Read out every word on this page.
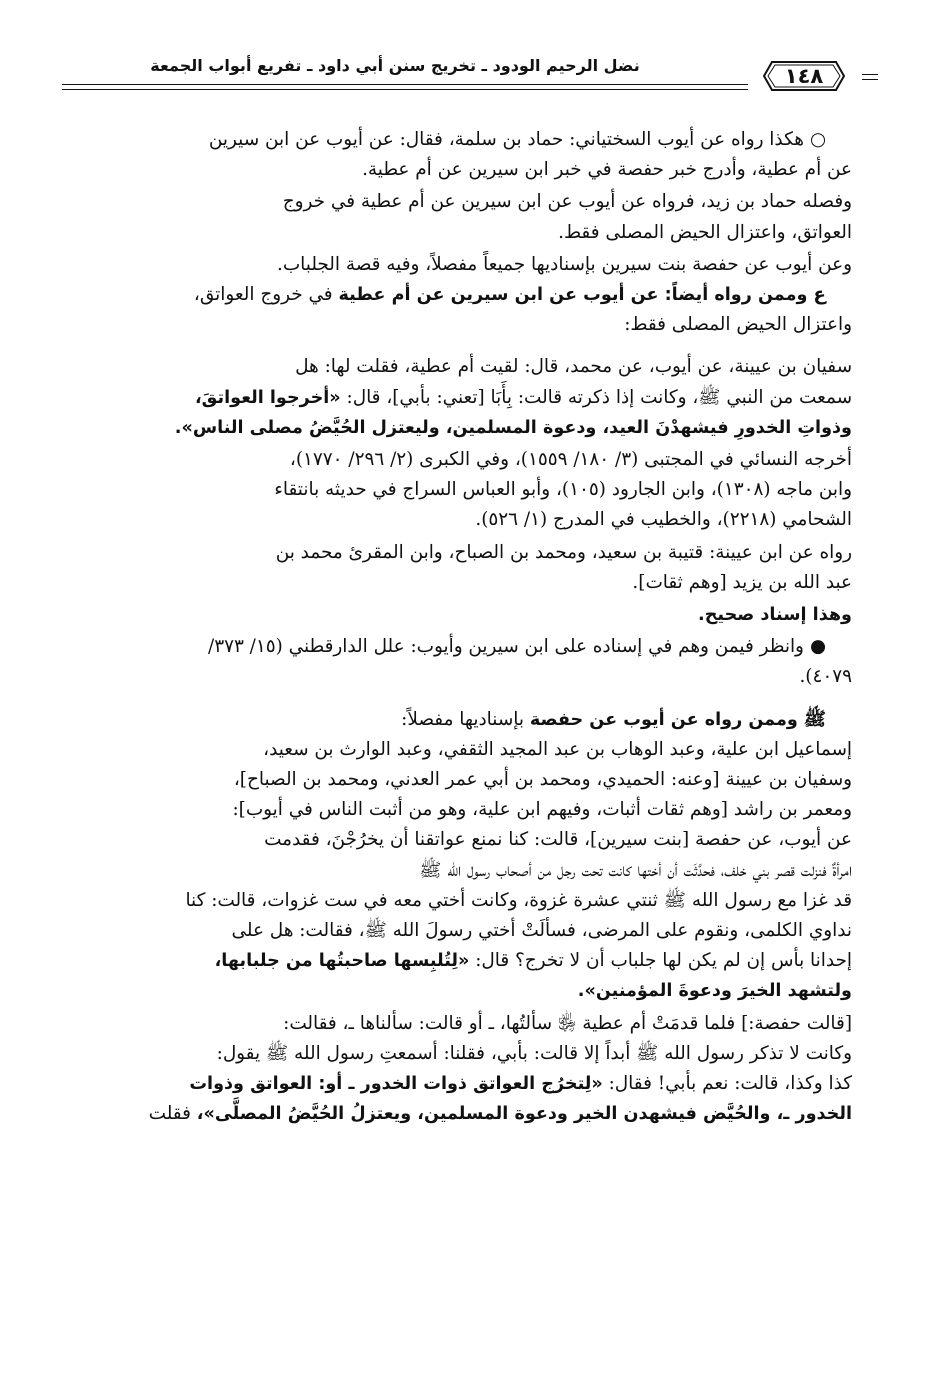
١٤٨
نضل الرحيم الودود ـ تخريج سنن أبي داود ـ تفريع أبواب الجمعة

○هكذا رواه عن أيوب السختياني: حماد بن سلمة، فقال: عن أيوب عن ابن سيرين
عن أم عطية، وأدرج خبر حفصة في خبر ابن سيرين عن أم عطية.

وفصله حماد بن زيد، فرواه عن أيوب عن ابن سيرين عن أم عطية في خروج
العواتق، واعتزال الحيض المصلى فقط.

وعن أيوب عن حفصة بنت سيرين بإسناديها جميعاً مفصلاً، وفيه قصة الجلباب.

عوممن رواه أيضاً: عن أيوب عن ابن سيرين عن أم عطية في خروج العواتق،
واعتزال الحيض المصلى فقط:

سفيان بن عيينة، عن أيوب، عن محمد، قال: لقيت أم عطية، فقلت لها: هل
سمعت من النبي ﷺ، وكانت إذا ذكرته قالت: بِأَبَا [تعني: بأبي]، قال: «أخرجوا العواتقَ،
وذواتِ الخدورِ فيشهدْنَ العيد، ودعوة المسلمين، وليعتزل الحُيَّضُ مصلى الناس».

أخرجه النسائي في المجتبى (٣/ ١٨٠/ ١٥٥٩)، وفي الكبرى (٢/ ٢٩٦/ ١٧٧٠)،
وابن ماجه (١٣٠٨)، وابن الجارود (١٠٥)، وأبو العباس السراج في حديثه بانتقاء
الشحامي (٢٢١٨)، والخطيب في المدرج (١/ ٥٢٦).

رواه عن ابن عيينة: قتيبة بن سعيد، ومحمد بن الصباح، وابن المقرئ محمد بن
عبد الله بن يزيد [وهم ثقات].

وهذا إسناد صحيح.

●وانظر فيمن وهم في إسناده على ابن سيرين وأيوب: علل الدارقطني (١٥/ ٣٧٣/
٤٠٧٩).

ﷺوممن رواه عن أيوب عن حفصة بإسناديها مفصلاً:

إسماعيل ابن علية، وعبد الوهاب بن عبد المجيد الثقفي، وعبد الوارث بن سعيد،
وسفيان بن عيينة [وعنه: الحميدي، ومحمد بن أبي عمر العدني، ومحمد بن الصباح]،
ومعمر بن راشد [وهم ثقات أثبات، وفيهم ابن علية، وهو من أثبت الناس في أيوب]:

عن أيوب، عن حفصة [بنت سيرين]، قالت: كنا نمنع عواتقنا أن يخرُجْنَ، فقدمت
امرأةٌ فنزلت قصر بني خلف، فحدَّثَت أن أختها كانت تحت رجل من أصحاب رسول الله ﷺ
قد غزا مع رسول الله ﷺ ثنتي عشرة غزوة، وكانت أختي معه في ست غزوات، قالت: كنا
نداوي الكلمى، ونقوم على المرضى، فسألَتْ أختي رسولَ الله ﷺ، فقالت: هل على
إحدانا بأس إن لم يكن لها جلباب أن لا تخرج؟ قال: «لِتُلبِسها صاحبتُها من جلبابها،
ولتشهد الخيرَ ودعوةَ المؤمنين».

[قالت حفصة:] فلما قدمَتْ أم عطية ﵂ سألتُها، ـ أو قالت: سألناها ـ، فقالت:
وكانت لا تذكر رسول الله ﷺ أبداً إلا قالت: بأبي، فقلنا: أسمعتِ رسول الله ﷺ يقول:
كذا وكذا، قالت: نعم بأبي! فقال: «لِتخرُج العواتق ذوات الخدور ـ أو: العواتق وذوات
الخدور ـ، والحُيَّض فيشهدن الخير ودعوة المسلمين، ويعتزلُ الحُيَّضُ المصلَّى»، فقلت
